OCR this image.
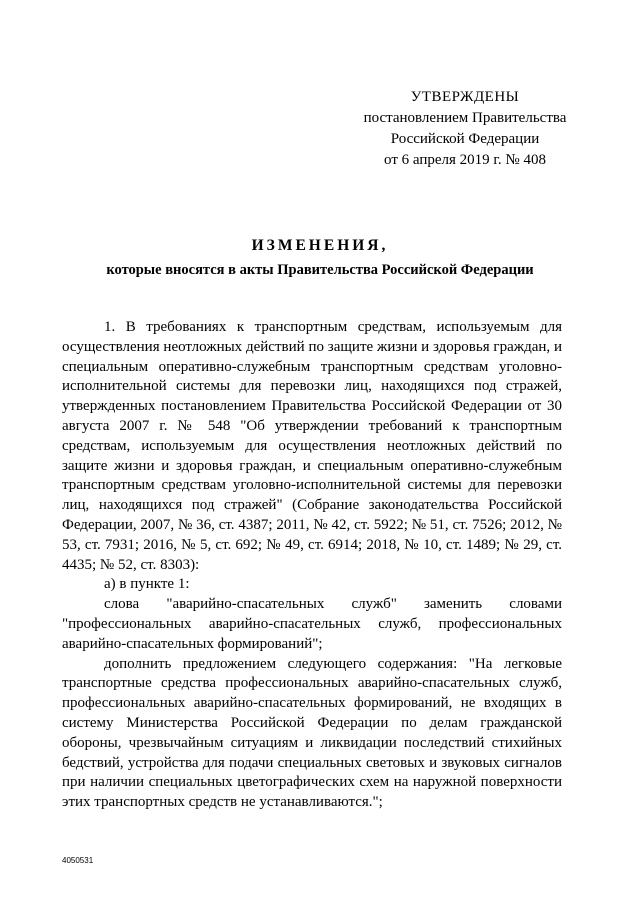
УТВЕРЖДЕНЫ
постановлением Правительства
Российской Федерации
от 6 апреля 2019 г. № 408
ИЗМЕНЕНИЯ,
которые вносятся в акты Правительства Российской Федерации

1. В требованиях к транспортным средствам, используемым для осуществления неотложных действий по защите жизни и здоровья граждан, и специальным оперативно-служебным транспортным средствам уголовно-исполнительной системы для перевозки лиц, находящихся под стражей, утвержденных постановлением Правительства Российской Федерации от 30 августа 2007 г. № 548 "Об утверждении требований к транспортным средствам, используемым для осуществления неотложных действий по защите жизни и здоровья граждан, и специальным оперативно-служебным транспортным средствам уголовно-исполнительной системы для перевозки лиц, находящихся под стражей" (Собрание законодательства Российской Федерации, 2007, № 36, ст. 4387; 2011, № 42, ст. 5922; № 51, ст. 7526; 2012, № 53, ст. 7931; 2016, № 5, ст. 692; № 49, ст. 6914; 2018, № 10, ст. 1489; № 29, ст. 4435; № 52, ст. 8303):

а) в пункте 1:

слова "аварийно-спасательных служб" заменить словами "профессиональных аварийно-спасательных служб, профессиональных аварийно-спасательных формирований";

дополнить предложением следующего содержания: "На легковые транспортные средства профессиональных аварийно-спасательных служб, профессиональных аварийно-спасательных формирований, не входящих в систему Министерства Российской Федерации по делам гражданской обороны, чрезвычайным ситуациям и ликвидации последствий стихийных бедствий, устройства для подачи специальных световых и звуковых сигналов при наличии специальных цветографических схем на наружной поверхности этих транспортных средств не устанавливаются.";

4050531
